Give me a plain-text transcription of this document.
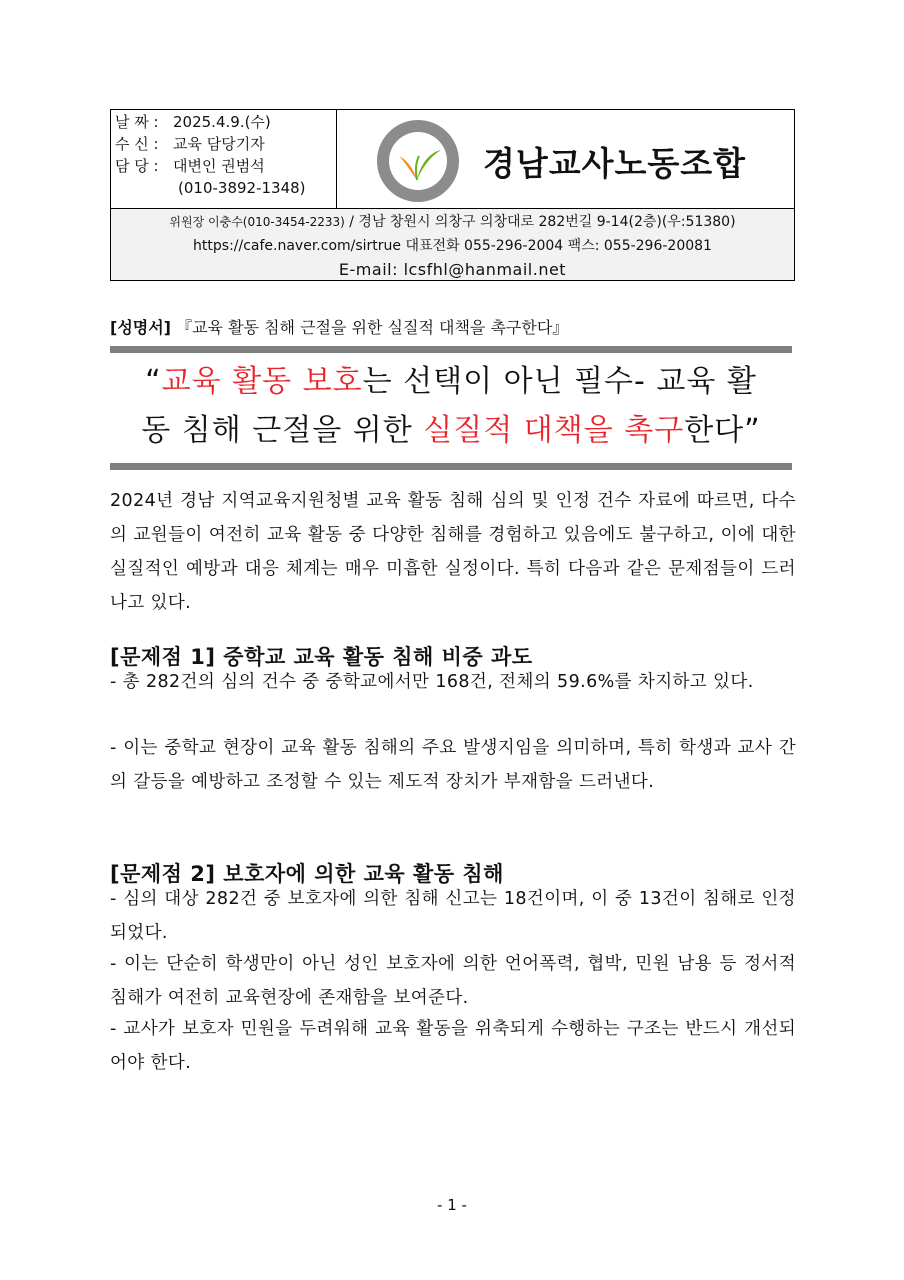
날 짜 : 2025.4.9.(수)
수 신 : 교육 담당기자
담 당 : 대변인 권범석
(010-3892-1348)
경남교사노동조합
위원장 이충수(010-3454-2233) / 경남 창원시 의창구 의창대로 282번길 9-14(2층)(우:51380)
https://cafe.naver.com/sirtrue 대표전화 055-296-2004 팩스: 055-296-20081
E-mail: lcsfhl@hanmail.net
[성명서] 『교육 활동 침해 근절을 위한 실질적 대책을 촉구한다』
“교육 활동 보호는 선택이 아닌 필수- 교육 활
동 침해 근절을 위한 실질적 대책을 촉구한다”
2024년 경남 지역교육지원청별 교육 활동 침해 심의 및 인정 건수 자료에 따르면, 다수의 교원들이 여전히 교육 활동 중 다양한 침해를 경험하고 있음에도 불구하고, 이에 대한 실질적인 예방과 대응 체계는 매우 미흡한 실정이다. 특히 다음과 같은 문제점들이 드러나고 있다.
[문제점 1] 중학교 교육 활동 침해 비중 과도
- 총 282건의 심의 건수 중 중학교에서만 168건, 전체의 59.6%를 차지하고 있다.
- 이는 중학교 현장이 교육 활동 침해의 주요 발생지임을 의미하며, 특히 학생과 교사 간의 갈등을 예방하고 조정할 수 있는 제도적 장치가 부재함을 드러낸다.
[문제점 2] 보호자에 의한 교육 활동 침해
- 심의 대상 282건 중 보호자에 의한 침해 신고는 18건이며, 이 중 13건이 침해로 인정되었다.
- 이는 단순히 학생만이 아닌 성인 보호자에 의한 언어폭력, 협박, 민원 남용 등 정서적 침해가 여전히 교육현장에 존재함을 보여준다.
- 교사가 보호자 민원을 두려워해 교육 활동을 위축되게 수행하는 구조는 반드시 개선되어야 한다.
- 1 -
